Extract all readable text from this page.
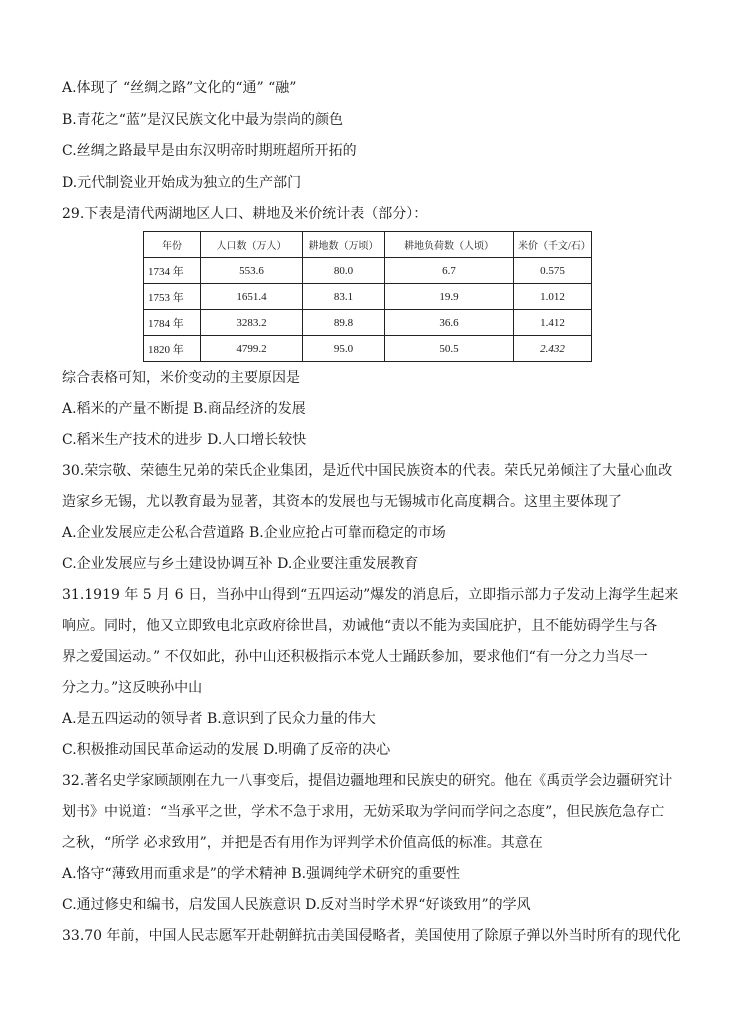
A.体现了 “丝绸之路”文化的“通” “融”
B.青花之“蓝”是汉民族文化中最为崇尚的颜色
C.丝绸之路最早是由东汉明帝时期班超所开拓的
D.元代制瓷业开始成为独立的生产部门
29.下表是清代两湖地区人口、耕地及米价统计表（部分）：
年份	人口数（万人）	耕地数（万顷）	耕地负荷数（人顷）	米价（千文/石）
1734 年	553.6	80.0	6.7	0.575
1753 年	1651.4	83.1	19.9	1.012
1784 年	3283.2	89.8	36.6	1.412
1820 年	4799.2	95.0	50.5	2.432
综合表格可知，米价变动的主要原因是
A.稻米的产量不断提 B.商品经济的发展
C.稻米生产技术的进步 D.人口增长较快
30.荣宗敬、荣德生兄弟的荣氏企业集团，是近代中国民族资本的代表。荣氏兄弟倾注了大量心血改
造家乡无锡，尤以教育最为显著，其资本的发展也与无锡城市化高度耦合。这里主要体现了
A.企业发展应走公私合营道路 B.企业应抢占可靠而稳定的市场
C.企业发展应与乡土建设协调互补 D.企业要注重发展教育
31.1919 年 5 月 6 日，当孙中山得到“五四运动”爆发的消息后，立即指示部力子发动上海学生起来
响应。同时，他又立即致电北京政府徐世昌，劝诫他“责以不能为卖国庇护，且不能妨碍学生与各
界之爱国运动。” 不仅如此，孙中山还积极指示本党人士踊跃参加，要求他们“有一分之力当尽一
分之力。”这反映孙中山
A.是五四运动的领导者 B.意识到了民众力量的伟大
C.积极推动国民革命运动的发展 D.明确了反帝的决心
32.著名史学家顾颉刚在九一八事变后，提倡边疆地理和民族史的研究。他在《禹贡学会边疆研究计
划书》中说道：“当承平之世，学术不急于求用，无妨采取为学问而学问之态度”，但民族危急存亡
之秋，“所学 必求致用”，并把是否有用作为评判学术价值高低的标准。其意在
A.恪守“薄致用而重求是”的学术精神 B.强调纯学术研究的重要性
C.通过修史和编书，启发国人民族意识 D.反对当时学术界“好谈致用”的学风
33.70 年前，中国人民志愿军开赴朝鲜抗击美国侵略者，美国使用了除原子弹以外当时所有的现代化
